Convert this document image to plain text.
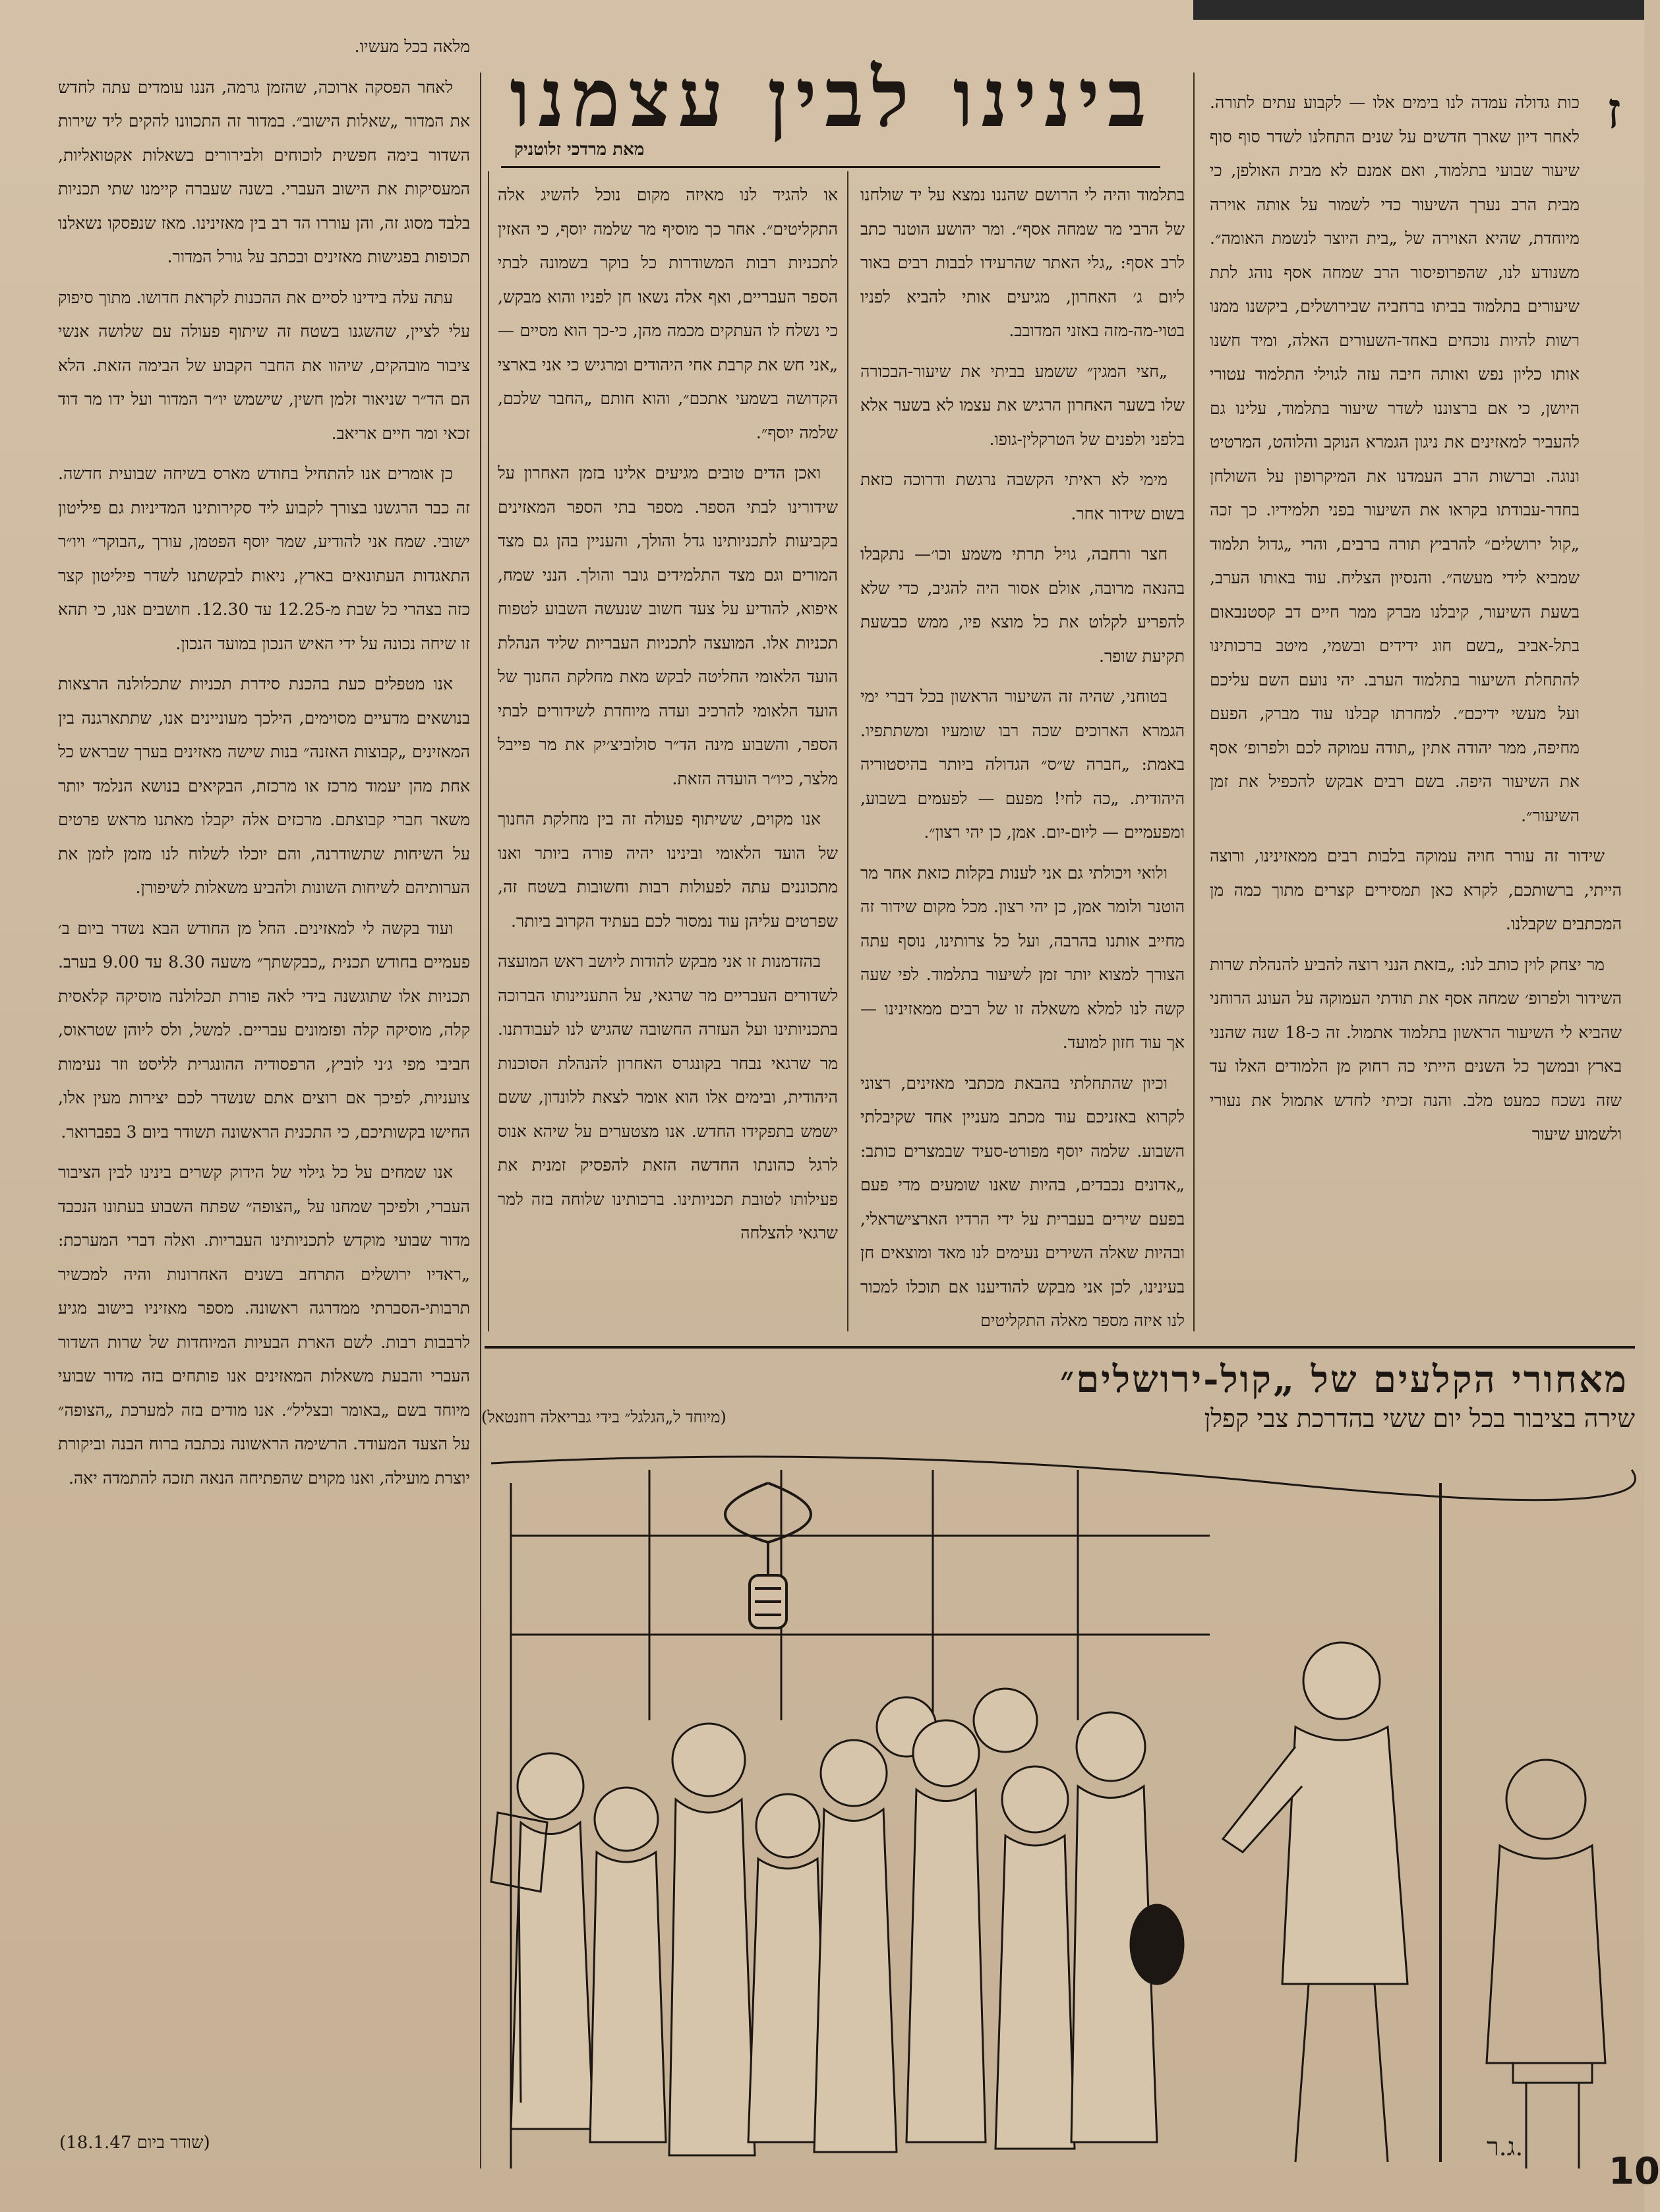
בינינו לבין עצמנו
מאת מרדכי זלוטניק
ז

כות גדולה עמדה לנו בימים אלו — לקבוע עתים לתורה. לאחר דיון שארך חדשים על שנים התחלנו לשדר סוף סוף שיעור שבועי בתלמוד, ואם אמנם לא מבית האולפן, כי מבית הרב נערך השיעור כדי לשמור על אותה אוירה מיוחדת, שהיא האוירה של „בית היוצר לנשמת האומה״. משנודע לנו, שהפרופיסור הרב שמחה אסף נוהג לתת שיעורים בתלמוד בביתו ברחביה שבירושלים, ביקשנו ממנו רשות להיות נוכחים באחד-השעורים האלה, ומיד חשנו אותו כליון נפש ואותה חיבה עזה לגוילי התלמוד עטורי היושן, כי אם ברצוננו לשדר שיעור בתלמוד, עלינו גם להעביר למאזינים את ניגון הגמרא הנוקב והלוהט, המרטיט ונוגה. וברשות הרב העמדנו את המיקרופון על השולחן בחדר-עבודתו בקראו את השיעור בפני תלמידיו. כך זכה „קול ירושלים״ להרביץ תורה ברבים, והרי „גדול תלמוד שמביא לידי מעשה״. והנסיון הצליח. עוד באותו הערב, בשעת השיעור, קיבלנו מברק ממר חיים דב קסטנבאום בתל-אביב „בשם חוג ידידים ובשמי, מיטב ברכותינו להתחלת השיעור בתלמוד הערב. יהי נועם השם עליכם ועל מעשי ידיכם״. למחרתו קבלנו עוד מברק, הפעם מחיפה, ממר יהודה אתין „תודה עמוקה לכם ולפרופ׳ אסף את השיעור היפה. בשם רבים אבקש להכפיל את זמן השיעור״.

שידור זה עורר חויה עמוקה בלבות רבים ממאזינינו, ורוצה הייתי, ברשותכם, לקרא כאן תמסירים קצרים מתוך כמה מן המכתבים שקבלנו.

מר יצחק לוין כותב לנו: „בזאת הנני רוצה להביע להנהלת שרות השידור ולפרופ׳ שמחה אסף את תודתי העמוקה על העונג הרוחני שהביא לי השיעור הראשון בתלמוד אתמול. זה כ-18 שנה שהנני בארץ ובמשך כל השנים הייתי כה רחוק מן הלמודים האלו עד שזה נשכח כמעט מלב. והנה זכיתי לחדש אתמול את נעורי ולשמוע שיעור

בתלמוד והיה לי הרושם שהננו נמצא על יד שולחנו של הרבי מר שמחה אסף״. ומר יהושע הוטנר כתב לרב אסף: „גלי האתר שהרעידו לבבות רבים באור ליום ג׳ האחרון, מגיעים אותי להביא לפניו בטוי-מה-מזה באזני המדובב.

„חצי המגין״ ששמע בביתי את שיעור-הבכורה שלו בשער האחרון הרגיש את עצמו לא בשער אלא בלפני ולפנים של הטרקלין-גופו.

מימי לא ראיתי הקשבה נרגשת ודרוכה כזאת בשום שידור אחר.

חצר ורחבה, גויל תרתי משמע וכו׳— נתקבלו בהנאה מרובה, אולם אסור היה להגיב, כדי שלא להפריע לקלוט את כל מוצא פיו, ממש כבשעת תקיעת שופר.

בטוחני, שהיה זה השיעור הראשון בכל דברי ימי הגמרא הארוכים שכה רבו שומעיו ומשתתפיו. באמת: „חברה ש״ס״ הגדולה ביותר בהיסטוריה היהודית. „כה לחי! מפעם — לפעמים בשבוע, ומפעמיים — ליום-יום. אמן, כן יהי רצון״.

ולואי ויכולתי גם אני לענות בקלות כזאת אחר מר הוטנר ולומר אמן, כן יהי רצון. מכל מקום שידור זה מחייב אותנו בהרבה, ועל כל צרותינו, נוסף עתה הצורך למצוא יותר זמן לשיעור בתלמוד. לפי שעה קשה לנו למלא משאלה זו של רבים ממאזינינו — אך עוד חזון למועד.

וכיון שהתחלתי בהבאת מכתבי מאזינים, רצוני לקרוא באזניכם עוד מכתב מעניין אחד שקיבלתי השבוע. שלמה יוסף מפורט-סעיד שבמצרים כותב: „אדונים נכבדים, בהיות שאנו שומעים מדי פעם בפעם שירים בעברית על ידי הרדיו הארצישראלי, ובהיות שאלה השירים נעימים לנו מאד ומוצאים חן בעינינו, לכן אני מבקש להודיענו אם תוכלו למכור לנו איזה מספר מאלה התקליטים

או להגיד לנו מאיזה מקום נוכל להשיג אלה התקליטים״. אחר כך מוסיף מר שלמה יוסף, כי האזין לתכניות רבות המשודרות כל בוקר בשמונה לבתי הספר העבריים, ואף אלה נשאו חן לפניו והוא מבקש, כי נשלח לו העתקים מכמה מהן, כי-כך הוא מסיים — „אני חש את קרבת אחי היהודים ומרגיש כי אני בארצי הקדושה בשמעי אתכם״, והוא חותם „החבר שלכם, שלמה יוסף״.

ואכן הדים טובים מגיעים אלינו בזמן האחרון על שידורינו לבתי הספר. מספר בתי הספר המאזינים בקביעות לתכניותינו גדל והולך, והעניין בהן גם מצד המורים וגם מצד התלמידים גובר והולך. הנני שמח, איפוא, להודיע על צעד חשוב שנעשה השבוע לטפוח תכניות אלו. המועצה לתכניות העבריות שליד הנהלת הועד הלאומי החליטה לבקש מאת מחלקת החנוך של הועד הלאומי להרכיב ועדה מיוחדת לשידורים לבתי הספר, והשבוע מינה הד״ר סולוביצ׳יק את מר פייבל מלצר, כיו״ר הועדה הזאת.

אנו מקוים, ששיתוף פעולה זה בין מחלקת החנוך של הועד הלאומי ובינינו יהיה פורה ביותר ואנו מתכוננים עתה לפעולות רבות וחשובות בשטח זה, שפרטים עליהן עוד נמסור לכם בעתיד הקרוב ביותר.

בהזדמנות זו אני מבקש להודות ליושב ראש המועצה לשדורים העבריים מר שרגאי, על התעניינותו הברוכה בתכניותינו ועל העזרה החשובה שהגיש לנו לעבודתנו. מר שרגאי נבחר בקונגרס האחרון להנהלת הסוכנות היהודית, ובימים אלו הוא אומר לצאת ללונדון, ששם ישמש בתפקידו החדש. אנו מצטערים על שיהא אנוס לרגל כהונתו החדשה הזאת להפסיק זמנית את פעילותו לטובת תכניותינו. ברכותינו שלוחה בזה למר שרגאי להצלחה

מלאה בכל מעשיו.

לאחר הפסקה ארוכה, שהזמן גרמה, הננו עומדים עתה לחדש את המדור „שאלות הישוב״. במדור זה התכוונו להקים ליד שירות השדור בימה חפשית לוכוחים ולבירורים בשאלות אקטואליות, המעסיקות את הישוב העברי. בשנה שעברה קיימנו שתי תכניות בלבד מסוג זה, והן עוררו הד רב בין מאזינינו. מאז שנפסקו נשאלנו תכופות בפגישות מאזינים ובכתב על גורל המדור.

עתה עלה בידינו לסיים את ההכנות לקראת חדושו. מתוך סיפוק עלי לציין, שהשגנו בשטח זה שיתוף פעולה עם שלושה אנשי ציבור מובהקים, שיהוו את החבר הקבוע של הבימה הזאת. הלא הם הד״ר שניאור זלמן חשין, שישמש יו״ר המדור ועל ידו מר דוד זכאי ומר חיים אריאב.

כן אומרים אנו להתחיל בחודש מארס בשיחה שבועית חדשה. זה כבר הרגשנו בצורך לקבוע ליד סקירותינו המדיניות גם פיליטון ישובי. שמח אני להודיע, שמר יוסף הפטמן, עורך „הבוקר״ ויו״ר התאגדות העתונאים בארץ, ניאות לבקשתנו לשדר פיליטון קצר כזה בצהרי כל שבת מ-12.25 עד 12.30. חושבים אנו, כי תהא זו שיחה נכונה על ידי האיש הנכון במועד הנכון.

אנו מטפלים כעת בהכנת סידרת תכניות שתכלולנה הרצאות בנושאים מדעיים מסוימים, הילכך מעוניינים אנו, שתתארגנה בין המאזינים „קבוצות האזנה״ בנות שישה מאזינים בערך שבראש כל אחת מהן יעמוד מרכז או מרכזת, הבקיאים בנושא הנלמד יותר משאר חברי קבוצתם. מרכזים אלה יקבלו מאתנו מראש פרטים על השיחות שתשודרנה, והם יוכלו לשלוח לנו מזמן לזמן את הערותיהם לשיחות השונות ולהביע משאלות לשיפורן.

ועוד בקשה לי למאזינים. החל מן החודש הבא נשדר ביום ב׳ פעמיים בחודש תכנית „כבקשתך״ משעה 8.30 עד 9.00 בערב. תכניות אלו שתוגשנה בידי לאה פורת תכלולנה מוסיקה קלאסית קלה, מוסיקה קלה ופזמונים עבריים. למשל, ולס ליוהן שטראוס, חביבי מפי ג׳ני לוביץ, הרפסודיה ההונגרית לליסט וזר נעימות צועניות, לפיכך אם רוצים אתם שנשדר לכם יצירות מעין אלו, החישו בקשותיכם, כי התכנית הראשונה תשודר ביום 3 בפברואר.

אנו שמחים על כל גילוי של הידוק קשרים בינינו לבין הציבור העברי, ולפיכך שמחנו על „הצופה״ שפתח השבוע בעתונו הנכבד מדור שבועי מוקדש לתכניותינו העבריות. ואלה דברי המערכת: „ראדיו ירושלים התרחב בשנים האחרונות והיה למכשיר תרבותי-הסברתי ממדרגה ראשונה. מספר מאזיניו בישוב מגיע לרבבות רבות. לשם הארת הבעיות המיוחדות של שרות השדור העברי והבעת משאלות המאזינים אנו פותחים בזה מדור שבועי מיוחד בשם „באומר ובצליל״. אנו מודים בזה למערכת „הצופה״ על הצעד המעודד. הרשימה הראשונה נכתבה ברוח הבנה וביקורת יוצרת מועילה, ואנו מקוים שהפתיחה הנאה תזכה להתמדה יאה.

(שודר ביום 18.1.47)
מאחורי הקלעים של „קול-ירושלים״
שירה בציבור בכל יום ששי בהדרכת צבי קפלן
(מיוחד ל„הגלגל״ בידי גבריאלה רוזנטאל)
ג.ר.
10
